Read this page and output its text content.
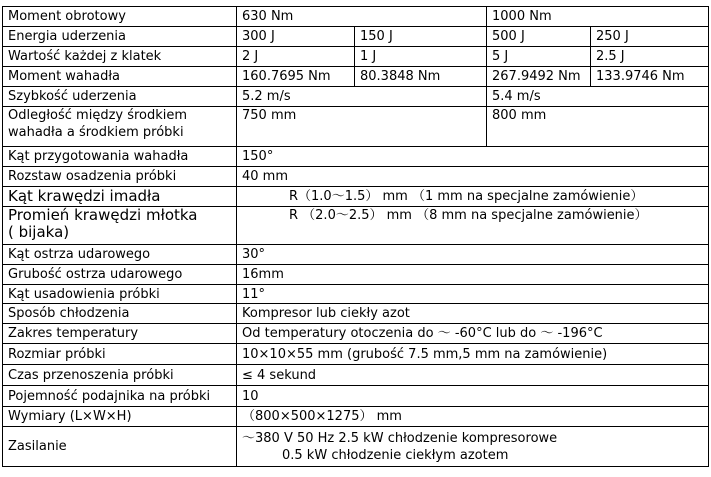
Moment obrotowy	630 Nm		1000 Nm	
Energia uderzenia	300 J	150 J	500 J	250 J
Wartość każdej z klatek	2 J	1 J	5 J	2.5 J
Moment wahadła	160.7695 Nm	80.3848 Nm	267.9492 Nm	133.9746 Nm
Szybkość uderzenia	5.2 m/s		5.4 m/s	

Odległość między środkiem
wahadła a środkiem próbki	750 mm		800 mm	
Kąt przygotowania wahadła	150°			
Rozstaw osadzenia próbki	40 mm			
Kąt krawędzi imadła	R（1.0～1.5） mm （1 mm na specjalne zamówienie）			

Promień krawędzi młotka
( bijaka)	R （2.0～2.5） mm （8 mm na specjalne zamówienie）			
Kąt ostrza udarowego	30°			
Grubość ostrza udarowego	16mm			
Kąt usadowienia próbki	11°			
Sposób chłodzenia	Kompresor lub ciekły azot			
Zakres temperatury	Od temperatury otoczenia do ～ -60°C lub do ～ -196°C			
Rozmiar próbki	10×10×55 mm (grubość 7.5 mm,5 mm na zamówienie)			
Czas przenoszenia próbki	≤ 4 sekund			
Pojemność podajnika na próbki	10			
Wymiary (L×W×H)	（800×500×1275） mm			
Zasilanie	～380 V 50 Hz 2.5 kW chłodzenie kompresorowe
0.5 kW chłodzenie ciekłym azotem			
